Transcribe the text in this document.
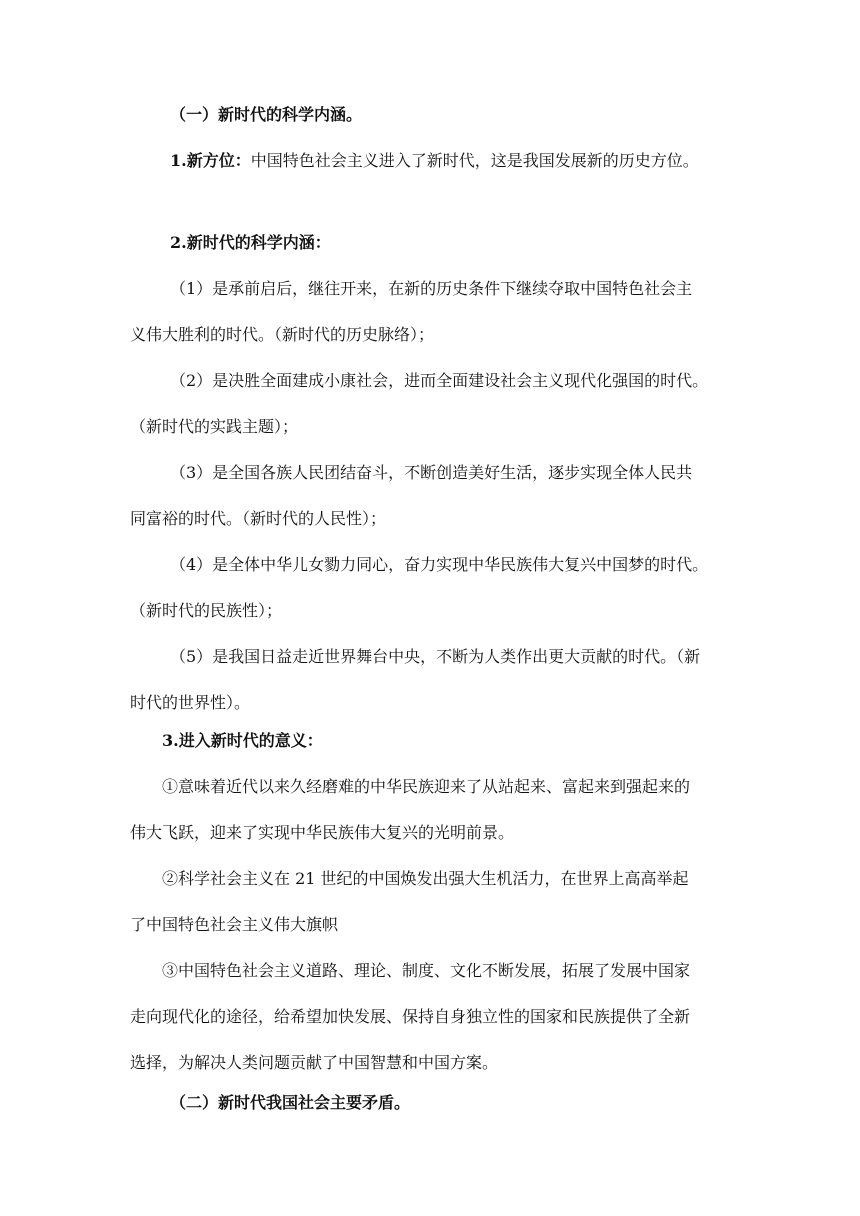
（一）新时代的科学内涵。
1.新方位：中国特色社会主义进入了新时代，这是我国发展新的历史方位。
2.新时代的科学内涵：
（1）是承前启后，继往开来，在新的历史条件下继续夺取中国特色社会主
义伟大胜利的时代。（新时代的历史脉络）；
（2）是决胜全面建成小康社会，进而全面建设社会主义现代化强国的时代。
（新时代的实践主题）；
（3）是全国各族人民团结奋斗，不断创造美好生活，逐步实现全体人民共
同富裕的时代。（新时代的人民性）；
（4）是全体中华儿女勠力同心，奋力实现中华民族伟大复兴中国梦的时代。
（新时代的民族性）；
（5）是我国日益走近世界舞台中央，不断为人类作出更大贡献的时代。（新
时代的世界性）。
3.进入新时代的意义：
①意味着近代以来久经磨难的中华民族迎来了从站起来、富起来到强起来的
伟大飞跃，迎来了实现中华民族伟大复兴的光明前景。
②科学社会主义在 21 世纪的中国焕发出强大生机活力，在世界上高高举起
了中国特色社会主义伟大旗帜
③中国特色社会主义道路、理论、制度、文化不断发展，拓展了发展中国家
走向现代化的途径，给希望加快发展、保持自身独立性的国家和民族提供了全新
选择，为解决人类问题贡献了中国智慧和中国方案。
（二）新时代我国社会主要矛盾。
